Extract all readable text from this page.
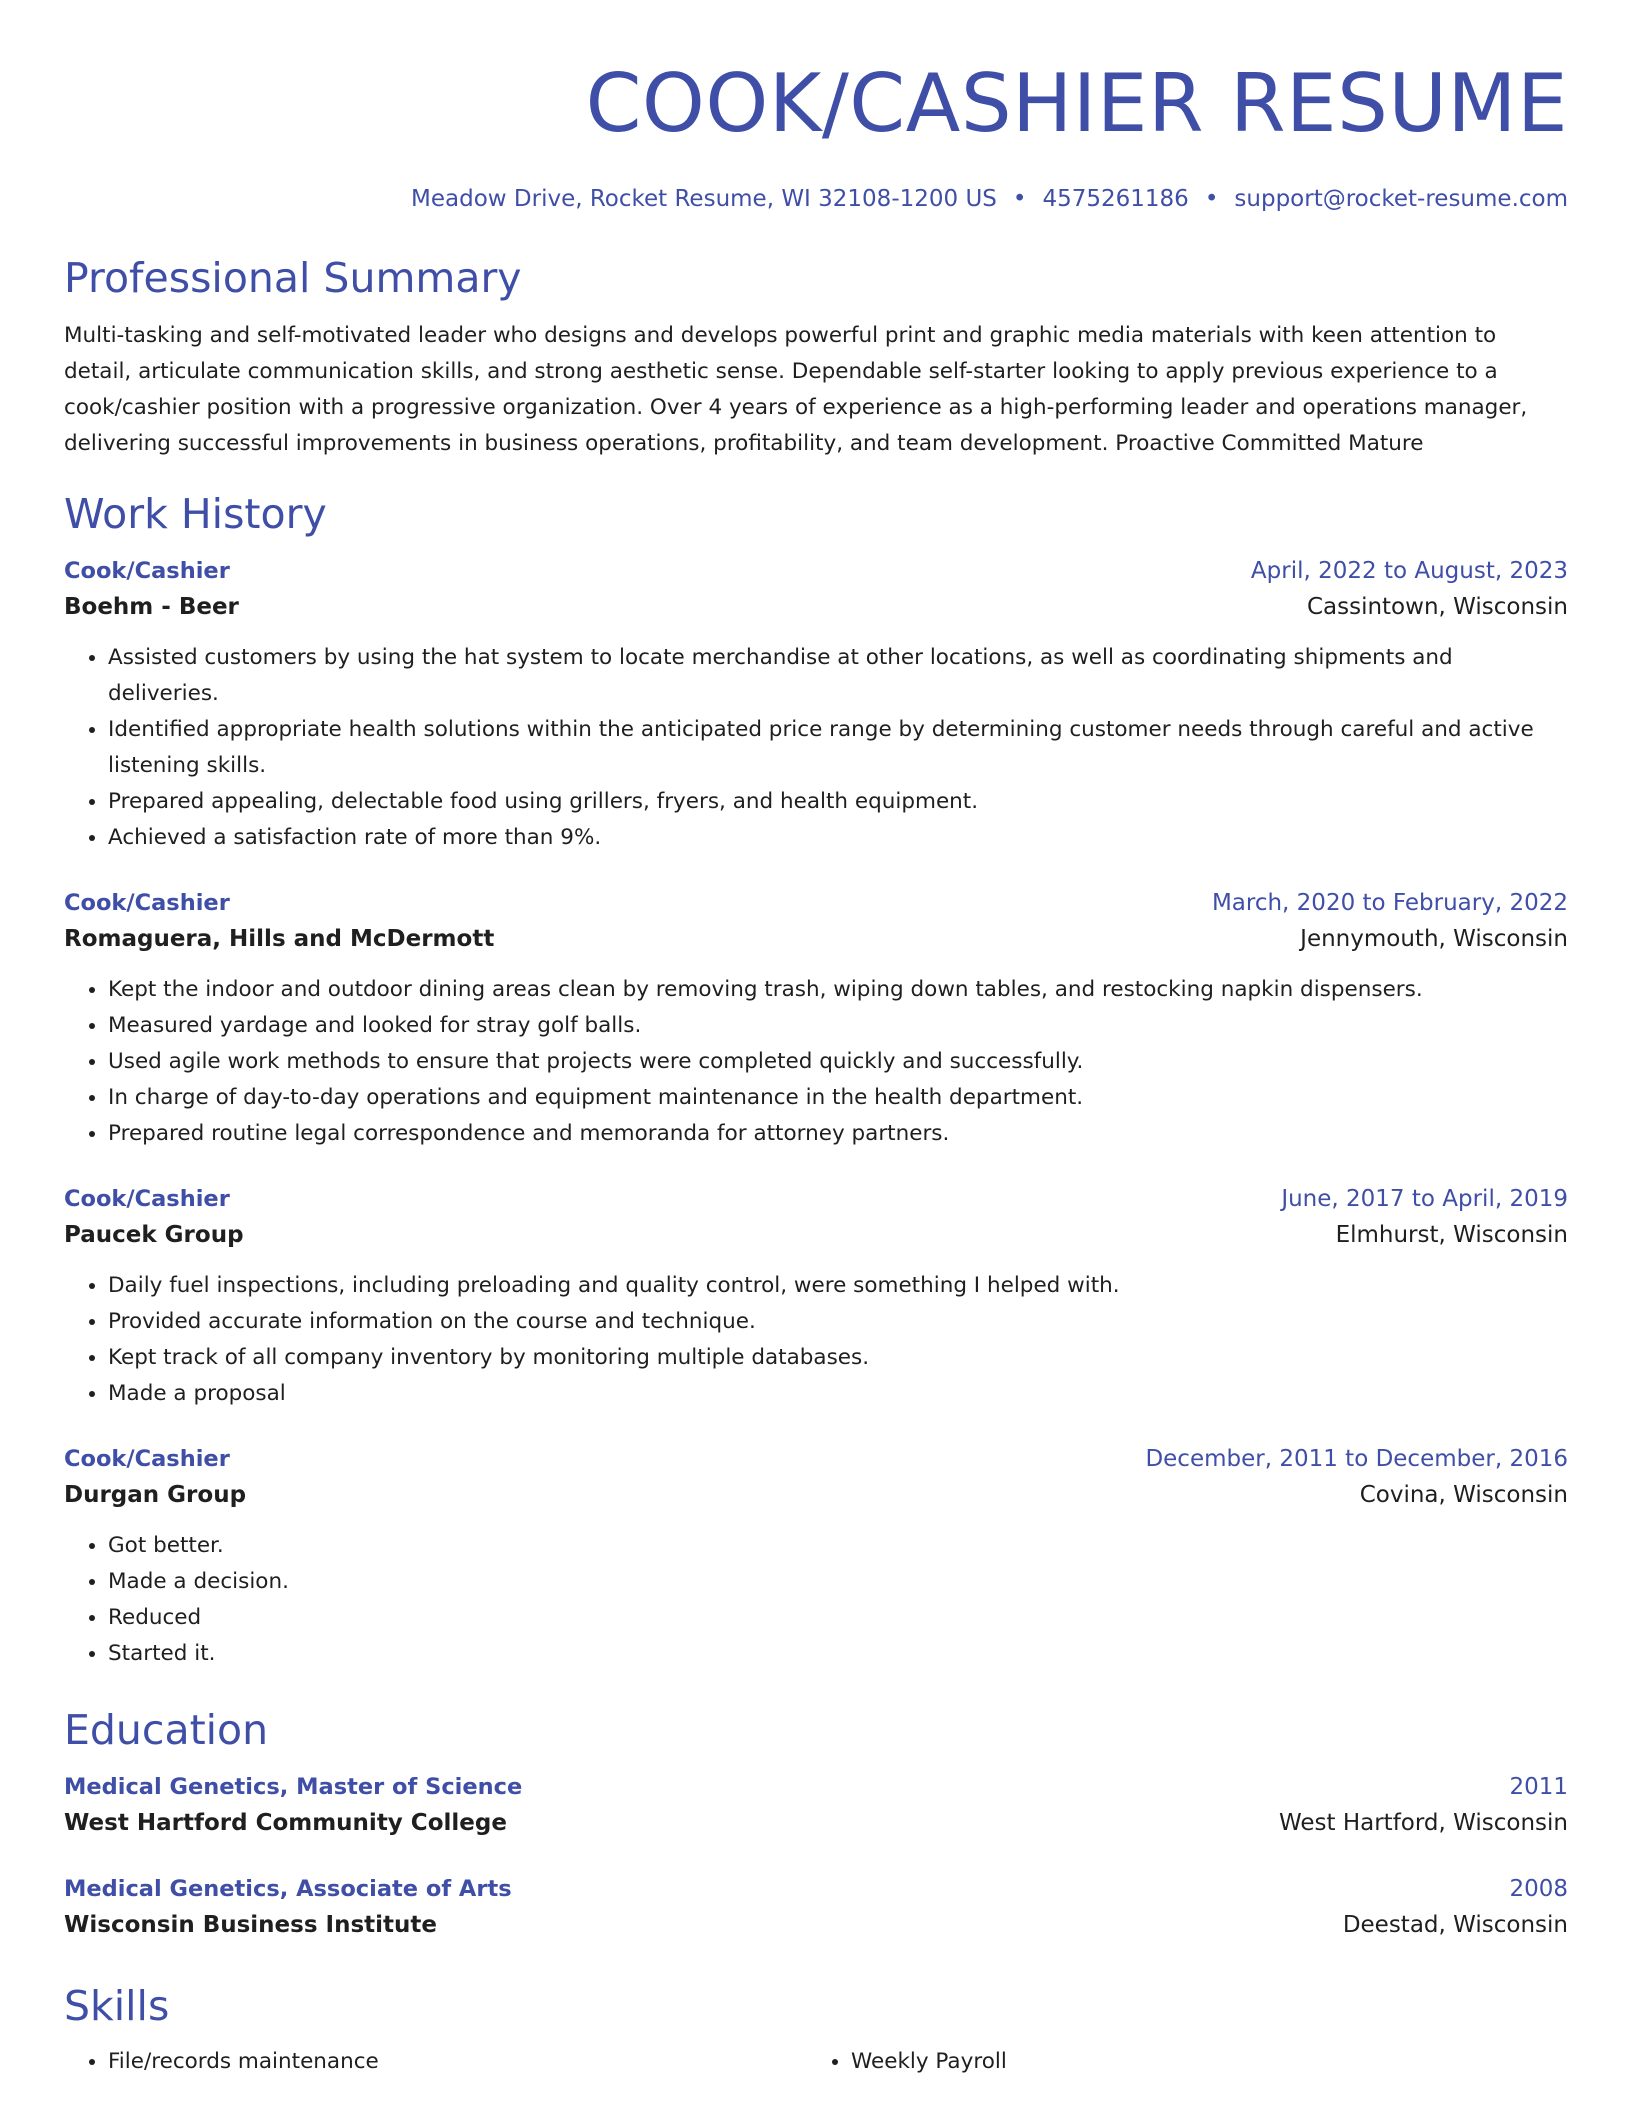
COOK/CASHIER RESUME
Meadow Drive, Rocket Resume, WI 32108-1200 US • 4575261186 • support@rocket-resume.com
Professional Summary
Multi-tasking and self-motivated leader who designs and develops powerful print and graphic media materials with keen attention to detail, articulate communication skills, and strong aesthetic sense. Dependable self-starter looking to apply previous experience to a cook/cashier position with a progressive organization. Over 4 years of experience as a high-performing leader and operations manager, delivering successful improvements in business operations, profitability, and team development. Proactive Committed Mature
Work History
Cook/Cashier	April, 2022 to August, 2023
Boehm - Beer	Cassintown, Wisconsin
• Assisted customers by using the hat system to locate merchandise at other locations, as well as coordinating shipments and deliveries.
• Identified appropriate health solutions within the anticipated price range by determining customer needs through careful and active listening skills.
• Prepared appealing, delectable food using grillers, fryers, and health equipment.
• Achieved a satisfaction rate of more than 9%.
Cook/Cashier	March, 2020 to February, 2022
Romaguera, Hills and McDermott	Jennymouth, Wisconsin
• Kept the indoor and outdoor dining areas clean by removing trash, wiping down tables, and restocking napkin dispensers.
• Measured yardage and looked for stray golf balls.
• Used agile work methods to ensure that projects were completed quickly and successfully.
• In charge of day-to-day operations and equipment maintenance in the health department.
• Prepared routine legal correspondence and memoranda for attorney partners.
Cook/Cashier	June, 2017 to April, 2019
Paucek Group	Elmhurst, Wisconsin
• Daily fuel inspections, including preloading and quality control, were something I helped with.
• Provided accurate information on the course and technique.
• Kept track of all company inventory by monitoring multiple databases.
• Made a proposal
Cook/Cashier	December, 2011 to December, 2016
Durgan Group	Covina, Wisconsin
• Got better.
• Made a decision.
• Reduced
• Started it.
Education
Medical Genetics, Master of Science	2011
West Hartford Community College	West Hartford, Wisconsin
Medical Genetics, Associate of Arts	2008
Wisconsin Business Institute	Deestad, Wisconsin
Skills
• File/records maintenance
•	Weekly Payroll
